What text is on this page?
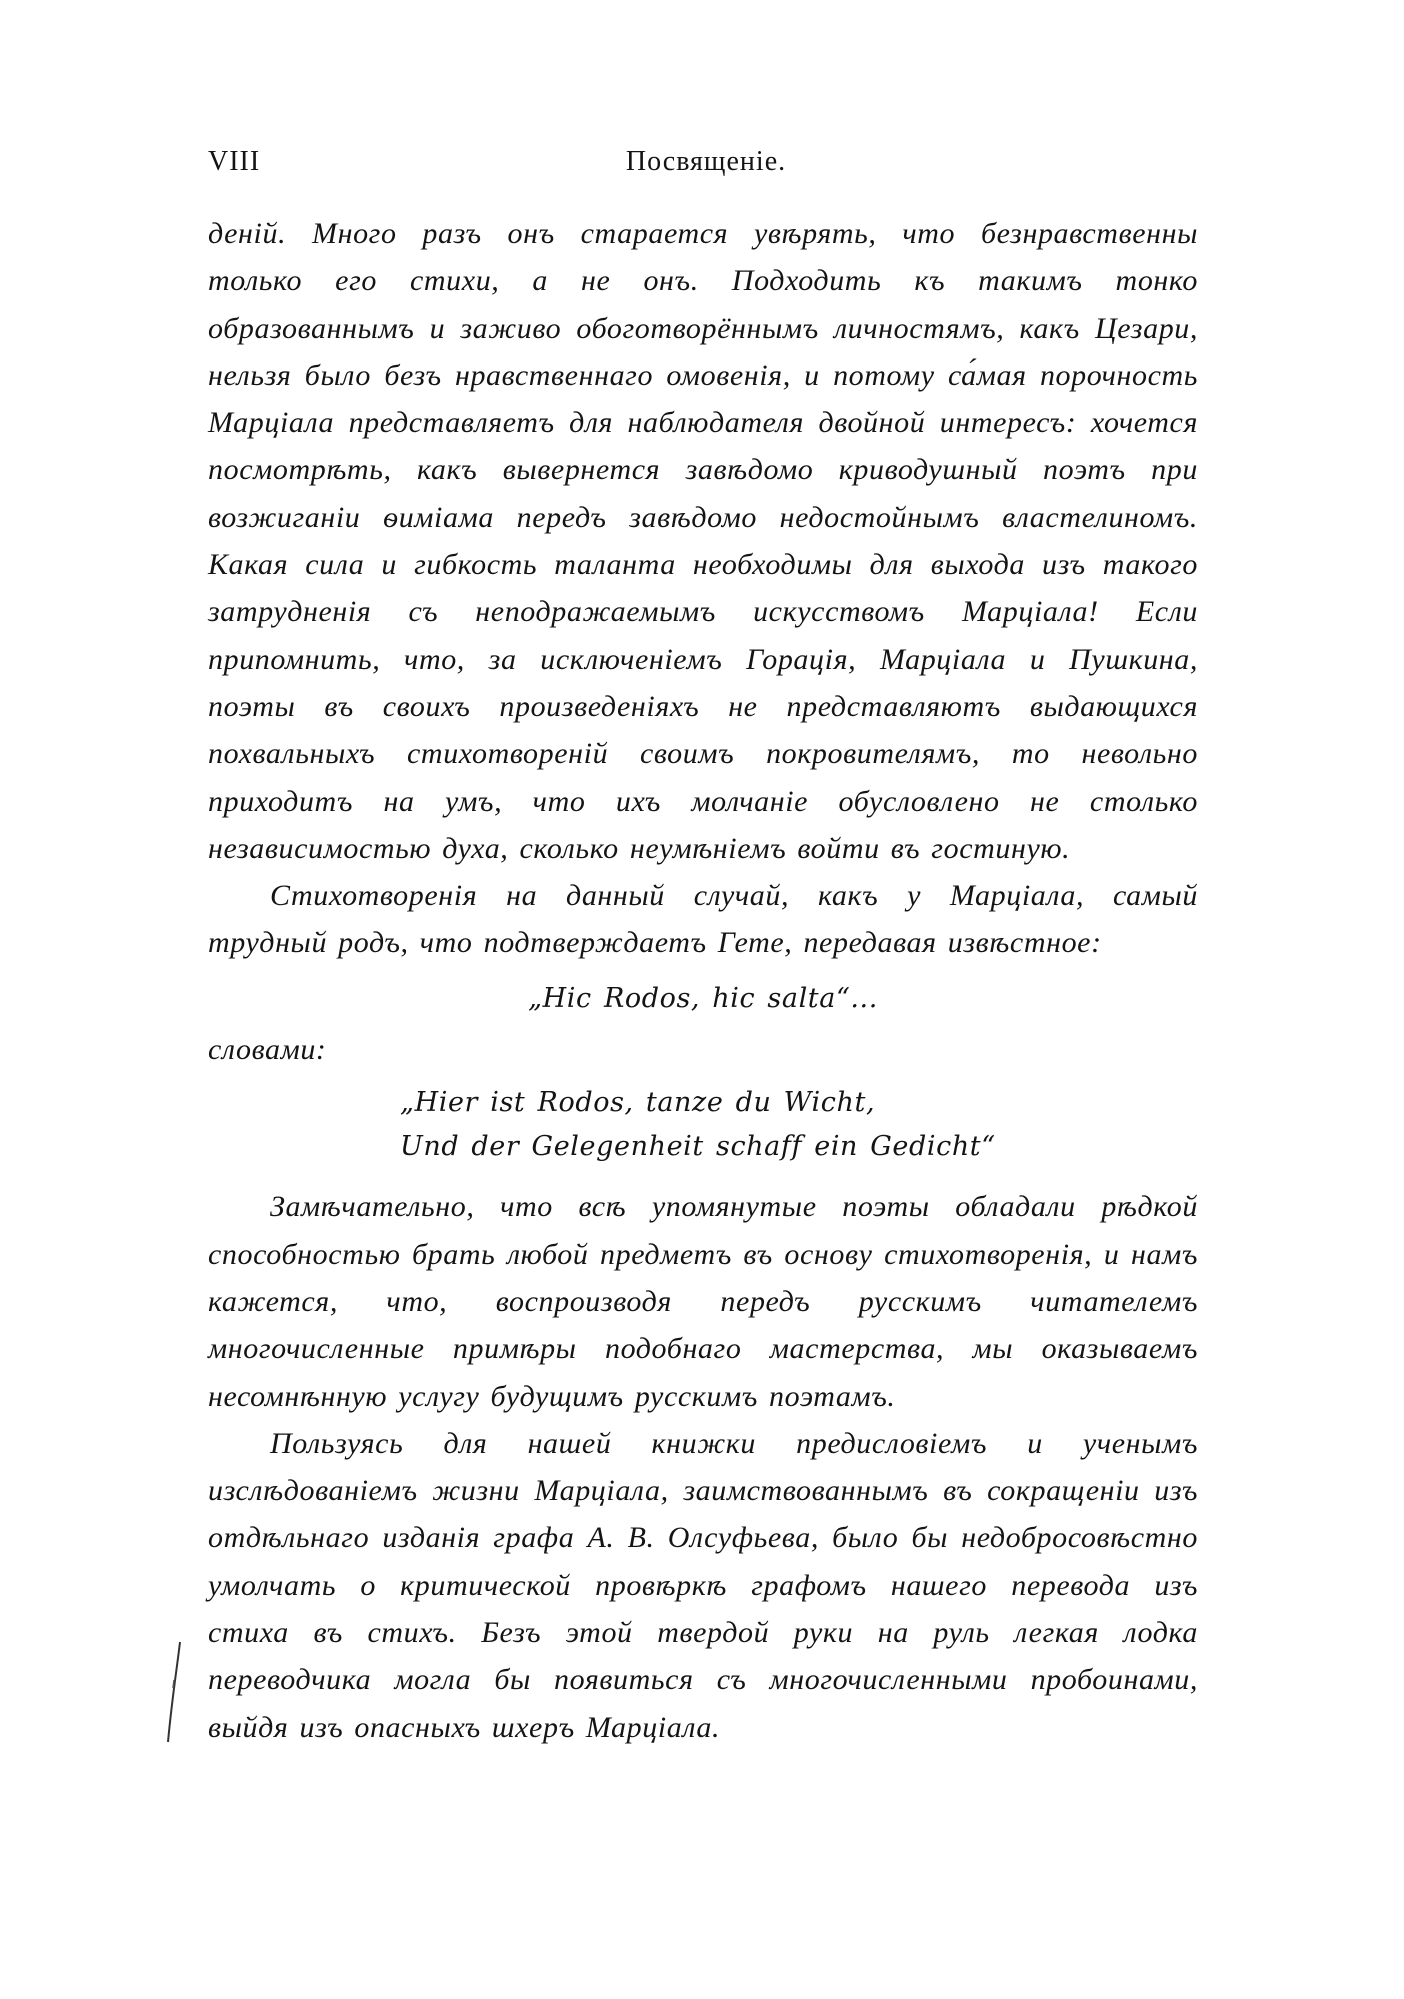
VIII	Посвященіе.

деній. Много разъ онъ старается увѣрять, что безнравственны только его стихи, а не онъ. Подходить къ такимъ тонко образованнымъ и заживо обоготворённымъ личностямъ, какъ Цезари, нельзя было безъ нравственнаго омовенія, и потому са́мая порочность Марціала представляетъ для наблюдателя двойной интересъ: хочется посмотрѣть, какъ вывернется завѣдомо криводушный поэтъ при возжиганіи ѳиміама передъ завѣдомо недостойнымъ властелиномъ. Какая сила и гибкость таланта необходимы для выхода изъ такого затрудненія съ неподражаемымъ искусствомъ Марціала! Если припомнить, что, за исключеніемъ Горація, Марціала и Пушкина, поэты въ своихъ произведеніяхъ не представляютъ выдающихся похвальныхъ стихотвореній своимъ покровителямъ, то невольно приходитъ на умъ, что ихъ молчаніе обусловлено не столько независимостью духа, сколько неумѣніемъ войти въ гостиную.

Стихотворенія на данный случай, какъ у Марціала, самый трудный родъ, что подтверждаетъ Гете, передавая извѣстное:

„Hic Rodos, hic salta“...

словами:

„Hier ist Rodos, tanze du Wicht,
Und der Gelegenheit schaff ein Gedicht“

Замѣчательно, что всѣ упомянутые поэты обладали рѣдкой способностью брать любой предметъ въ основу стихотворенія, и намъ кажется, что, воспроизводя передъ русскимъ читателемъ многочисленные примѣры подобнаго мастерства, мы оказываемъ несомнѣнную услугу будущимъ русскимъ поэтамъ.

Пользуясь для нашей книжки предисловіемъ и ученымъ изслѣдованіемъ жизни Марціала, заимствованнымъ въ сокращеніи изъ отдѣльнаго изданія графа А. В. Олсуфьева, было бы недобросовѣстно умолчать о критической провѣркѣ графомъ нашего перевода изъ стиха въ стихъ. Безъ этой твердой руки на руль легкая лодка переводчика могла бы появиться съ многочисленными пробоинами, выйдя изъ опасныхъ шхеръ Марціала.
